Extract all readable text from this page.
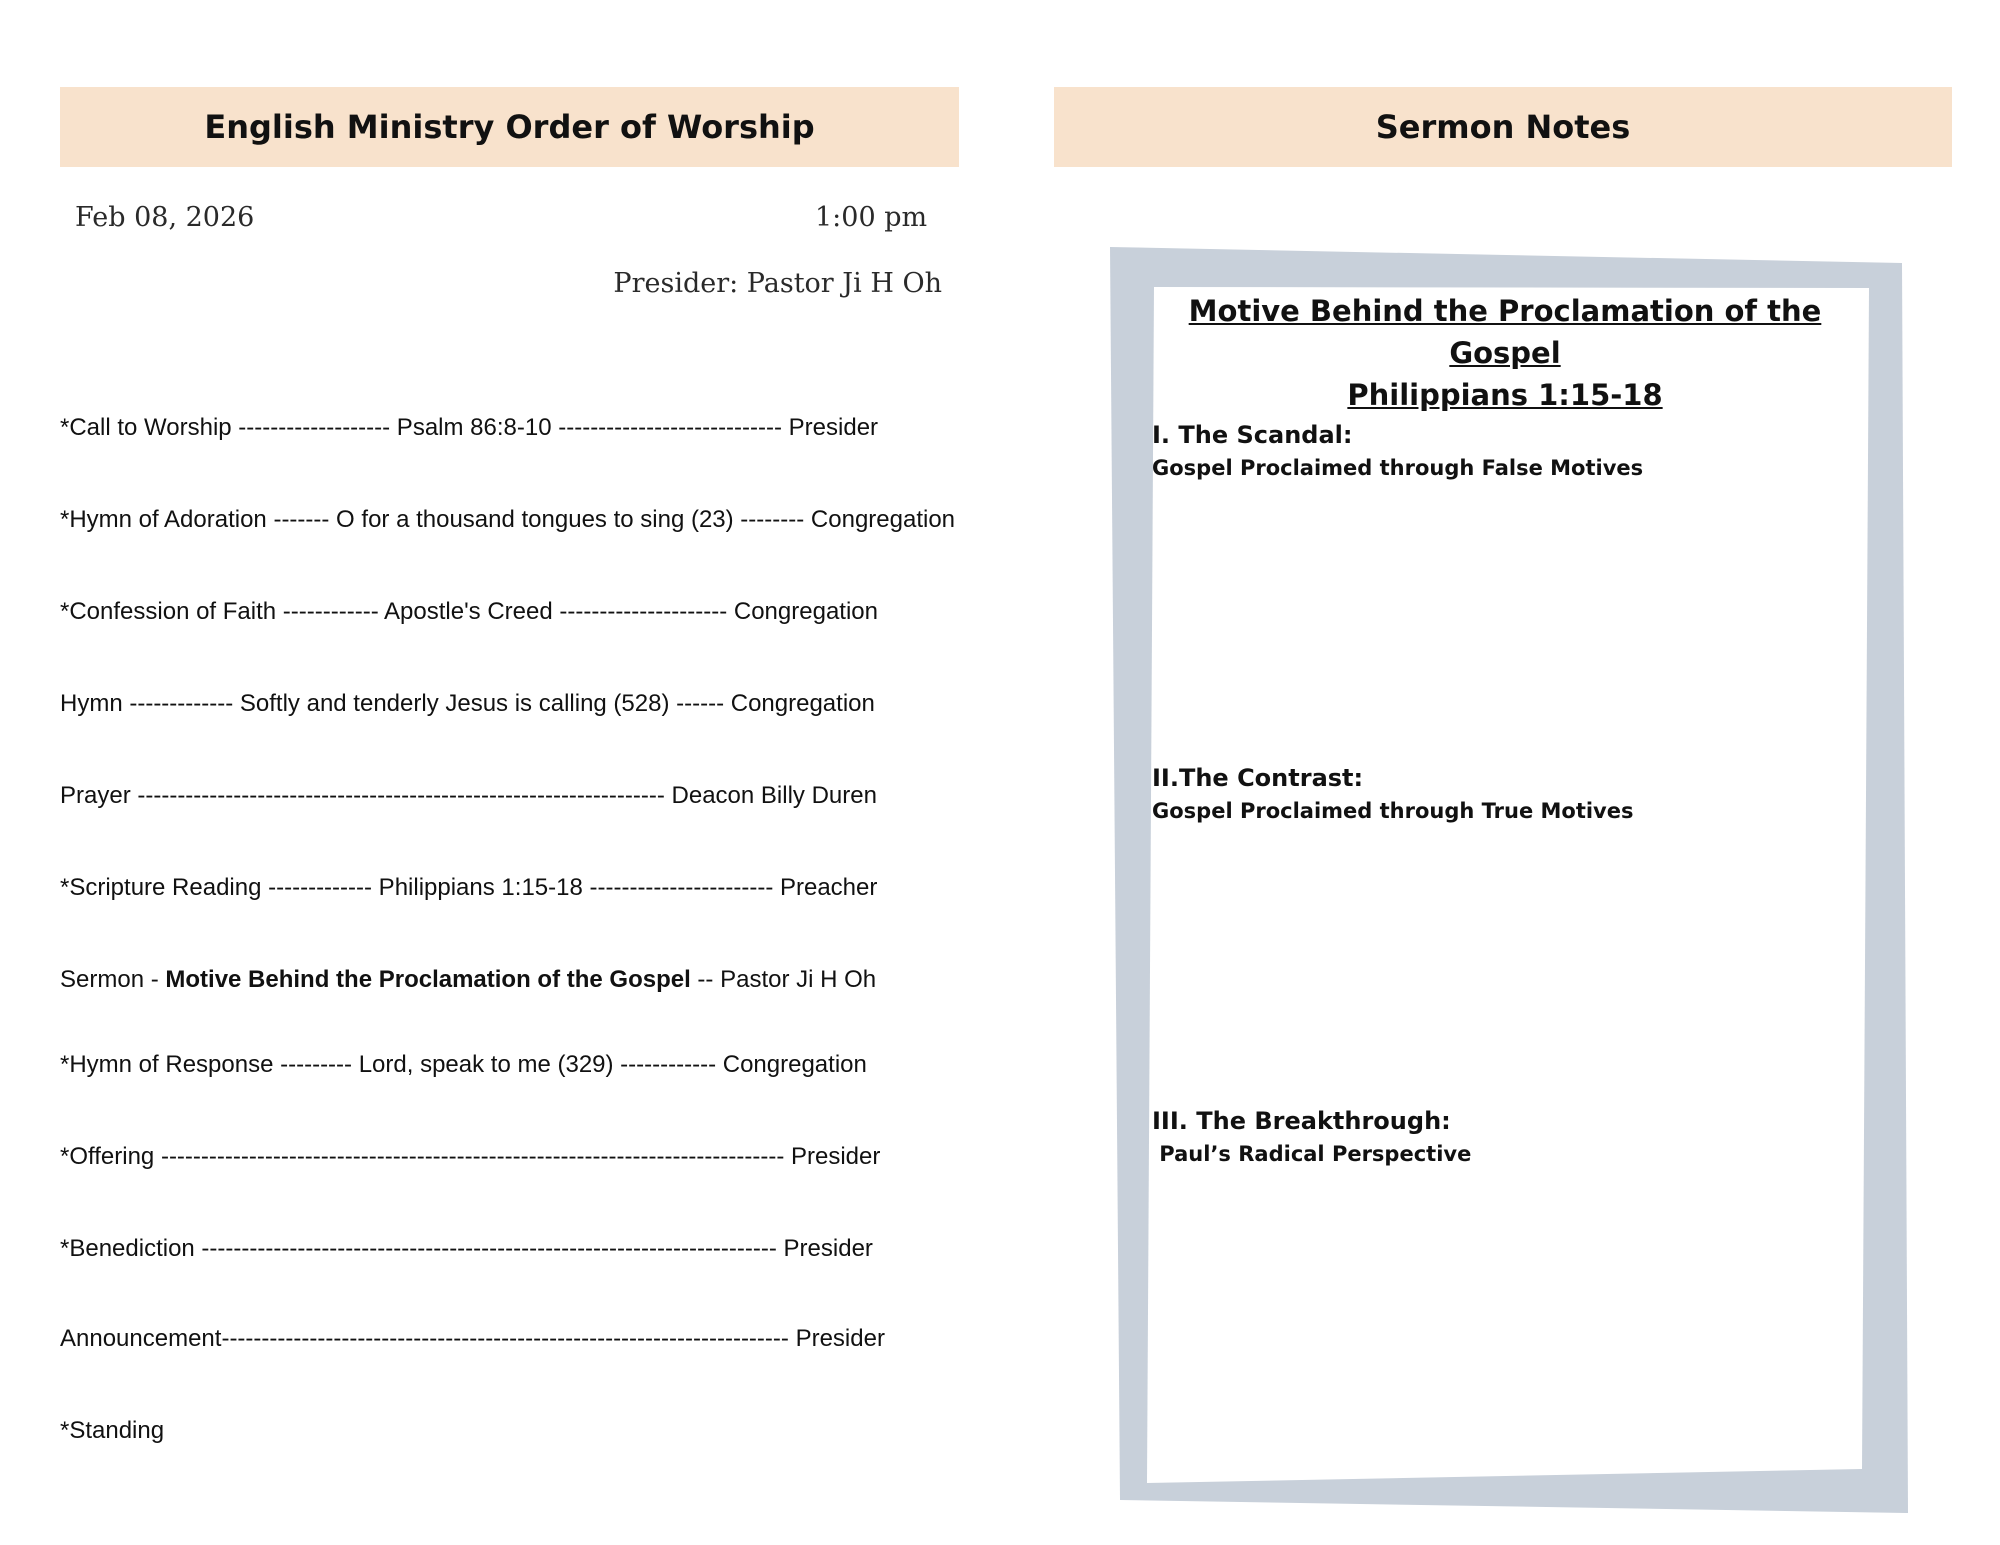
English Ministry Order of Worship	Sermon Notes
Feb 08, 2026	1:00 pm
Presider: Pastor Ji H Oh
*Call to Worship ------------------- Psalm 86:8-10 ---------------------------- Presider
*Hymn of Adoration ------- O for a thousand tongues to sing (23) -------- Congregation
*Confession of Faith ------------ Apostle's Creed --------------------- Congregation
Hymn ------------- Softly and tenderly Jesus is calling (528) ------ Congregation
Prayer ------------------------------------------------------------------ Deacon Billy Duren
*Scripture Reading ------------- Philippians 1:15-18 ----------------------- Preacher
Sermon - Motive Behind the Proclamation of the Gospel -- Pastor Ji H Oh
*Hymn of Response --------- Lord, speak to me (329) ------------ Congregation
*Offering ------------------------------------------------------------------------------ Presider
*Benediction ------------------------------------------------------------------------ Presider
Announcement----------------------------------------------------------------------- Presider
*Standing
Motive Behind the Proclamation of the Gospel
Philippians 1:15-18
I. The Scandal:
Gospel Proclaimed through False Motives
II.The Contrast:
Gospel Proclaimed through True Motives
III. The Breakthrough:
Paul’s Radical Perspective
